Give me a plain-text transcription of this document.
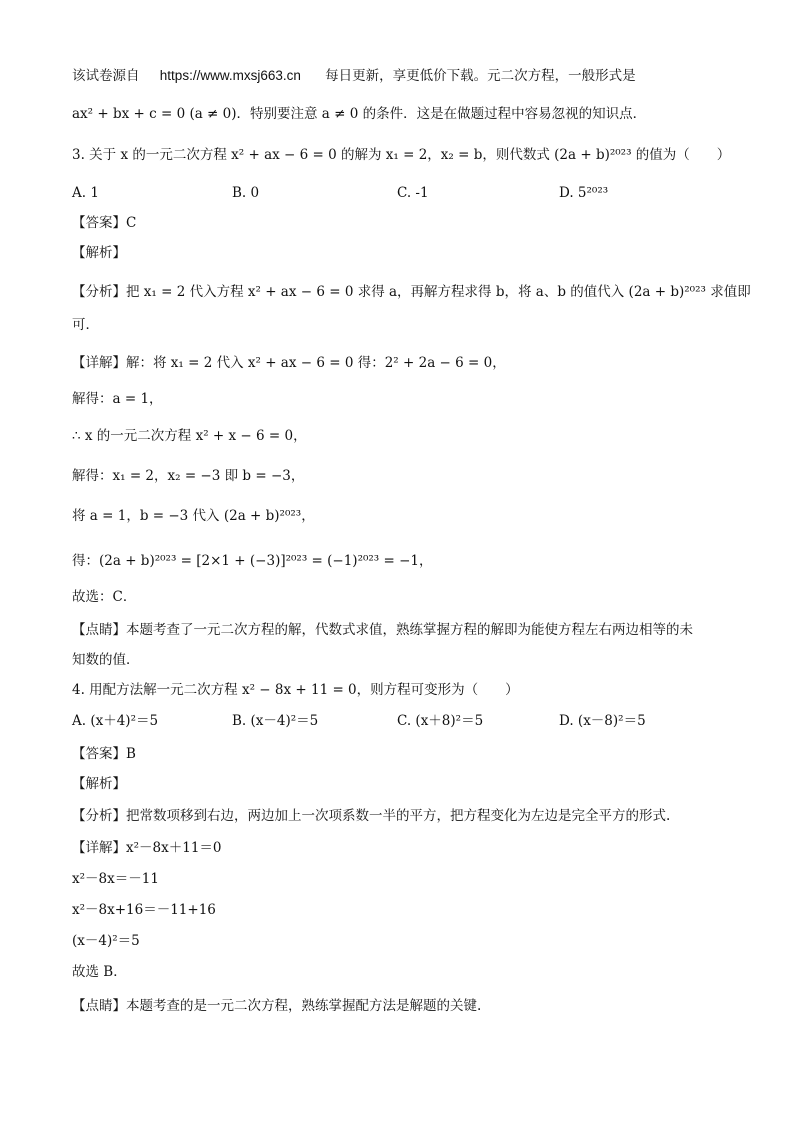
该试卷源自 https://www.mxsj663.cn 每日更新，享更低价下载。元二次方程，一般形式是
ax² + bx + c = 0 (a ≠ 0)．特别要注意 a ≠ 0 的条件．这是在做题过程中容易忽视的知识点．
3. 关于 x 的一元二次方程 x² + ax − 6 = 0 的解为 x₁ = 2，x₂ = b，则代数式 (2a + b)²⁰²³ 的值为（　　）
A. 1	B. 0	C. -1	D. 5²⁰²³
【答案】C
【解析】
【分析】把 x₁ = 2 代入方程 x² + ax − 6 = 0 求得 a，再解方程求得 b，将 a、b 的值代入 (2a + b)²⁰²³ 求值即
可．
【详解】解：将 x₁ = 2 代入 x² + ax − 6 = 0 得：2² + 2a − 6 = 0，
解得：a = 1，
∴ x 的一元二次方程 x² + x − 6 = 0，
解得：x₁ = 2，x₂ = −3 即 b = −3，
将 a = 1，b = −3 代入 (2a + b)²⁰²³，
得：(2a + b)²⁰²³ = [2×1 + (−3)]²⁰²³ = (−1)²⁰²³ = −1，
故选：C．
【点睛】本题考查了一元二次方程的解，代数式求值，熟练掌握方程的解即为能使方程左右两边相等的未
知数的值．
4. 用配方法解一元二次方程 x² − 8x + 11 = 0，则方程可变形为（　　）
A. (x＋4)²＝5	B. (x－4)²＝5	C. (x＋8)²＝5	D. (x－8)²＝5
【答案】B
【解析】
【分析】把常数项移到右边，两边加上一次项系数一半的平方，把方程变化为左边是完全平方的形式.
【详解】x²－8x＋11＝0
x²－8x＝－11
x²－8x+16＝－11+16
(x－4)²＝5
故选 B．
【点睛】本题考查的是一元二次方程，熟练掌握配方法是解题的关键.
